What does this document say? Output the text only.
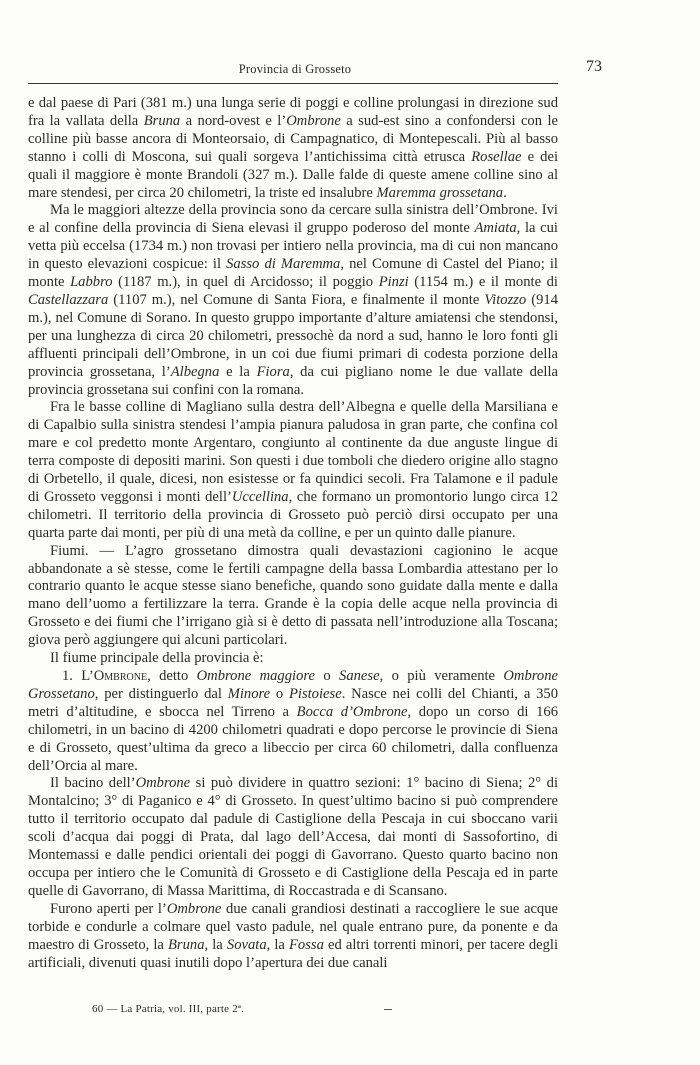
Provincia di Grosseto	73

e dal paese di Pari (381 m.) una lunga serie di poggi e colline prolungasi in direzione sud fra la vallata della Bruna a nord-ovest e l’Ombrone a sud-est sino a confondersi con le colline più basse ancora di Monteorsaio, di Campagnatico, di Montepescali. Più al basso stanno i colli di Moscona, sui quali sorgeva l’antichissima città etrusca Rosellae e dei quali il maggiore è monte Brandoli (327 m.). Dalle falde di queste amene colline sino al mare stendesi, per circa 20 chilometri, la triste ed insalubre Maremma grossetana.

Ma le maggiori altezze della provincia sono da cercare sulla sinistra dell’Ombrone. Ivi e al confine della provincia di Siena elevasi il gruppo poderoso del monte Amiata, la cui vetta più eccelsa (1734 m.) non trovasi per intiero nella provincia, ma di cui non mancano in questo elevazioni cospicue: il Sasso di Maremma, nel Comune di Castel del Piano; il monte Labbro (1187 m.), in quel di Arcidosso; il poggio Pinzi (1154 m.) e il monte di Castellazzara (1107 m.), nel Comune di Santa Fiora, e finalmente il monte Vitozzo (914 m.), nel Comune di Sorano. In questo gruppo importante d’alture amiatensi che stendonsi, per una lunghezza di circa 20 chilometri, pressochè da nord a sud, hanno le loro fonti gli affluenti principali dell’Ombrone, in un coi due fiumi primari di codesta porzione della provincia grossetana, l’Albegna e la Fiora, da cui pigliano nome le due vallate della provincia grossetana sui confini con la romana.

Fra le basse colline di Magliano sulla destra dell’Albegna e quelle della Marsiliana e di Capalbio sulla sinistra stendesi l’ampia pianura paludosa in gran parte, che confina col mare e col predetto monte Argentaro, congiunto al continente da due anguste lingue di terra composte di depositi marini. Son questi i due tomboli che diedero origine allo stagno di Orbetello, il quale, dicesi, non esistesse or fa quindici secoli. Fra Talamone e il padule di Grosseto veggonsi i monti dell’Uccellina, che formano un promontorio lungo circa 12 chilometri. Il territorio della provincia di Grosseto può perciò dirsi occupato per una quarta parte dai monti, per più di una metà da colline, e per un quinto dalle pianure.

Fiumi. — L’agro grossetano dimostra quali devastazioni cagionino le acque abbandonate a sè stesse, come le fertili campagne della bassa Lombardia attestano per lo contrario quanto le acque stesse siano benefiche, quando sono guidate dalla mente e dalla mano dell’uomo a fertilizzare la terra. Grande è la copia delle acque nella provincia di Grosseto e dei fiumi che l’irrigano già si è detto di passata nell’introduzione alla Toscana; giova però aggiungere qui alcuni particolari.

Il fiume principale della provincia è:

1. L’Ombrone, detto Ombrone maggiore o Sanese, o più veramente Ombrone Grossetano, per distinguerlo dal Minore o Pistoiese. Nasce nei colli del Chianti, a 350 metri d’altitudine, e sbocca nel Tirreno a Bocca d’Ombrone, dopo un corso di 166 chilometri, in un bacino di 4200 chilometri quadrati e dopo percorse le provincie di Siena e di Grosseto, quest’ultima da greco a libeccio per circa 60 chilometri, dalla confluenza dell’Orcia al mare.

Il bacino dell’Ombrone si può dividere in quattro sezioni: 1° bacino di Siena; 2° di Montalcino; 3° di Paganico e 4° di Grosseto. In quest’ultimo bacino si può comprendere tutto il territorio occupato dal padule di Castiglione della Pescaja in cui sboccano varii scoli d’acqua dai poggi di Prata, dal lago dell’Accesa, dai monti di Sassofortino, di Montemassi e dalle pendici orientali dei poggi di Gavorrano. Questo quarto bacino non occupa per intiero che le Comunità di Grosseto e di Castiglione della Pescaja ed in parte quelle di Gavorrano, di Massa Marittima, di Roccastrada e di Scansano.

Furono aperti per l’Ombrone due canali grandiosi destinati a raccogliere le sue acque torbide e condurle a colmare quel vasto padule, nel quale entrano pure, da ponente e da maestro di Grosseto, la Bruna, la Sovata, la Fossa ed altri torrenti minori, per tacere degli artificiali, divenuti quasi inutili dopo l’apertura dei due canali

60 — La Patria, vol. III, parte 2ª.
